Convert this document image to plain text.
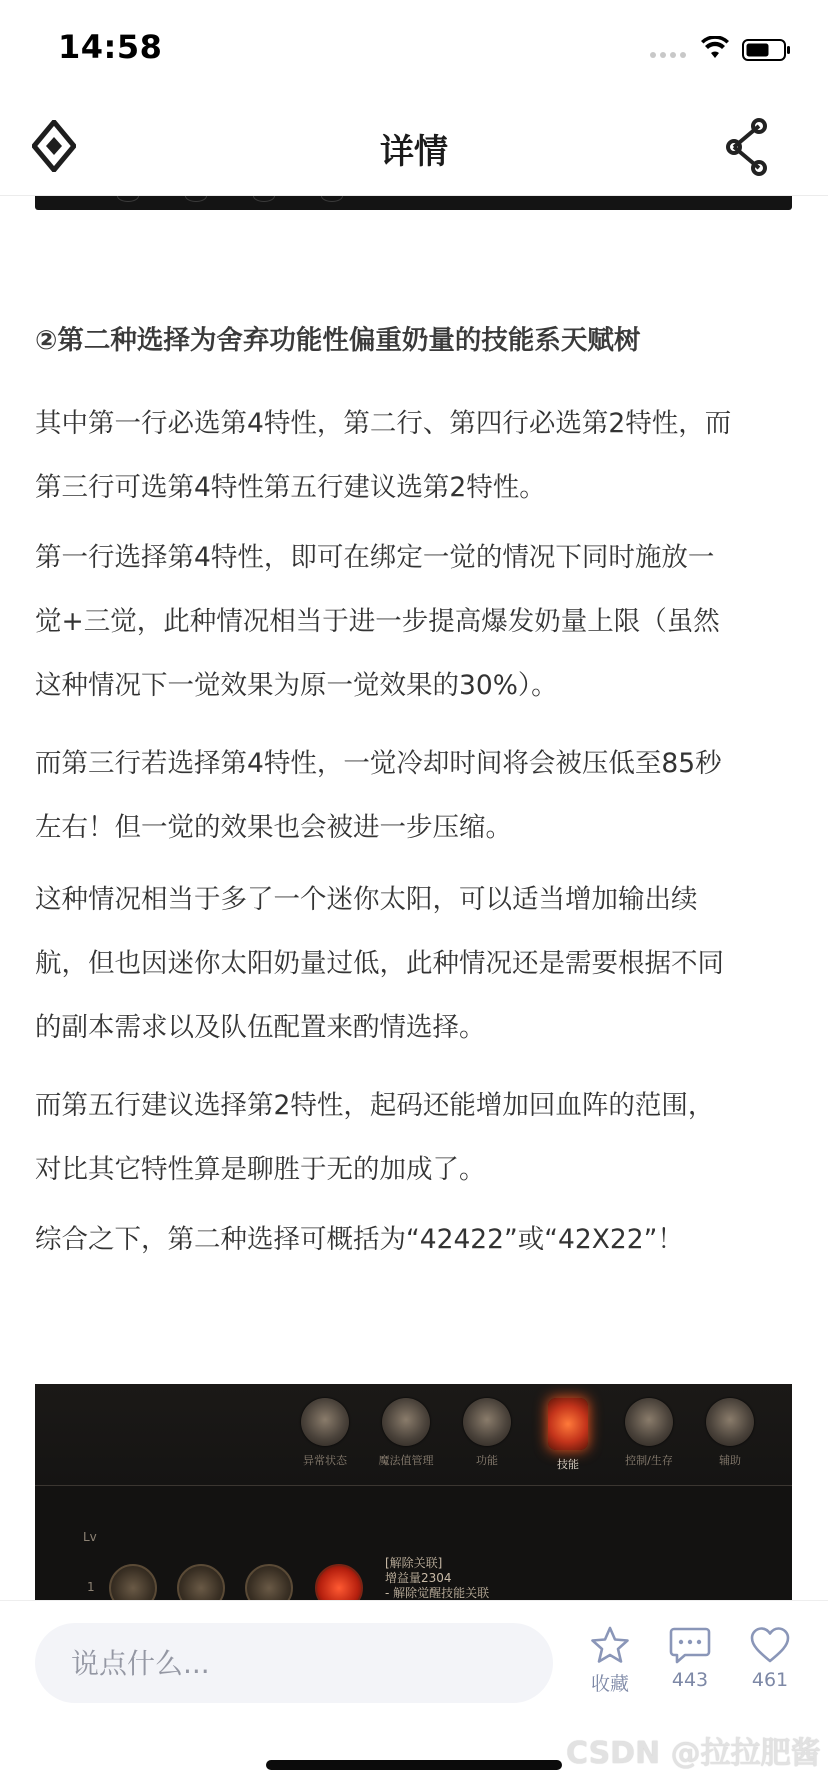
14:58
详情
②第二种选择为舍弃功能性偏重奶量的技能系天赋树
其中第一行必选第4特性，第二行、第四行必选第2特性，而
第三行可选第4特性第五行建议选第2特性。
第一行选择第4特性，即可在绑定一觉的情况下同时施放一
觉+三觉，此种情况相当于进一步提高爆发奶量上限（虽然
这种情况下一觉效果为原一觉效果的30%）。
而第三行若选择第4特性，一觉冷却时间将会被压低至85秒
左右！但一觉的效果也会被进一步压缩。
这种情况相当于多了一个迷你太阳，可以适当增加输出续
航，但也因迷你太阳奶量过低，此种情况还是需要根据不同
的副本需求以及队伍配置来酌情选择。
而第五行建议选择第2特性，起码还能增加回血阵的范围，
对比其它特性算是聊胜于无的加成了。
综合之下，第二种选择可概括为“42422”或“42X22”！
异常状态	魔法值管理	功能	技能	控制/生存	辅助
Lv
1
[解除关联]
增益量2304
- 解除觉醒技能关联
说点什么...
收藏	443	461
CSDN @拉拉肥酱
